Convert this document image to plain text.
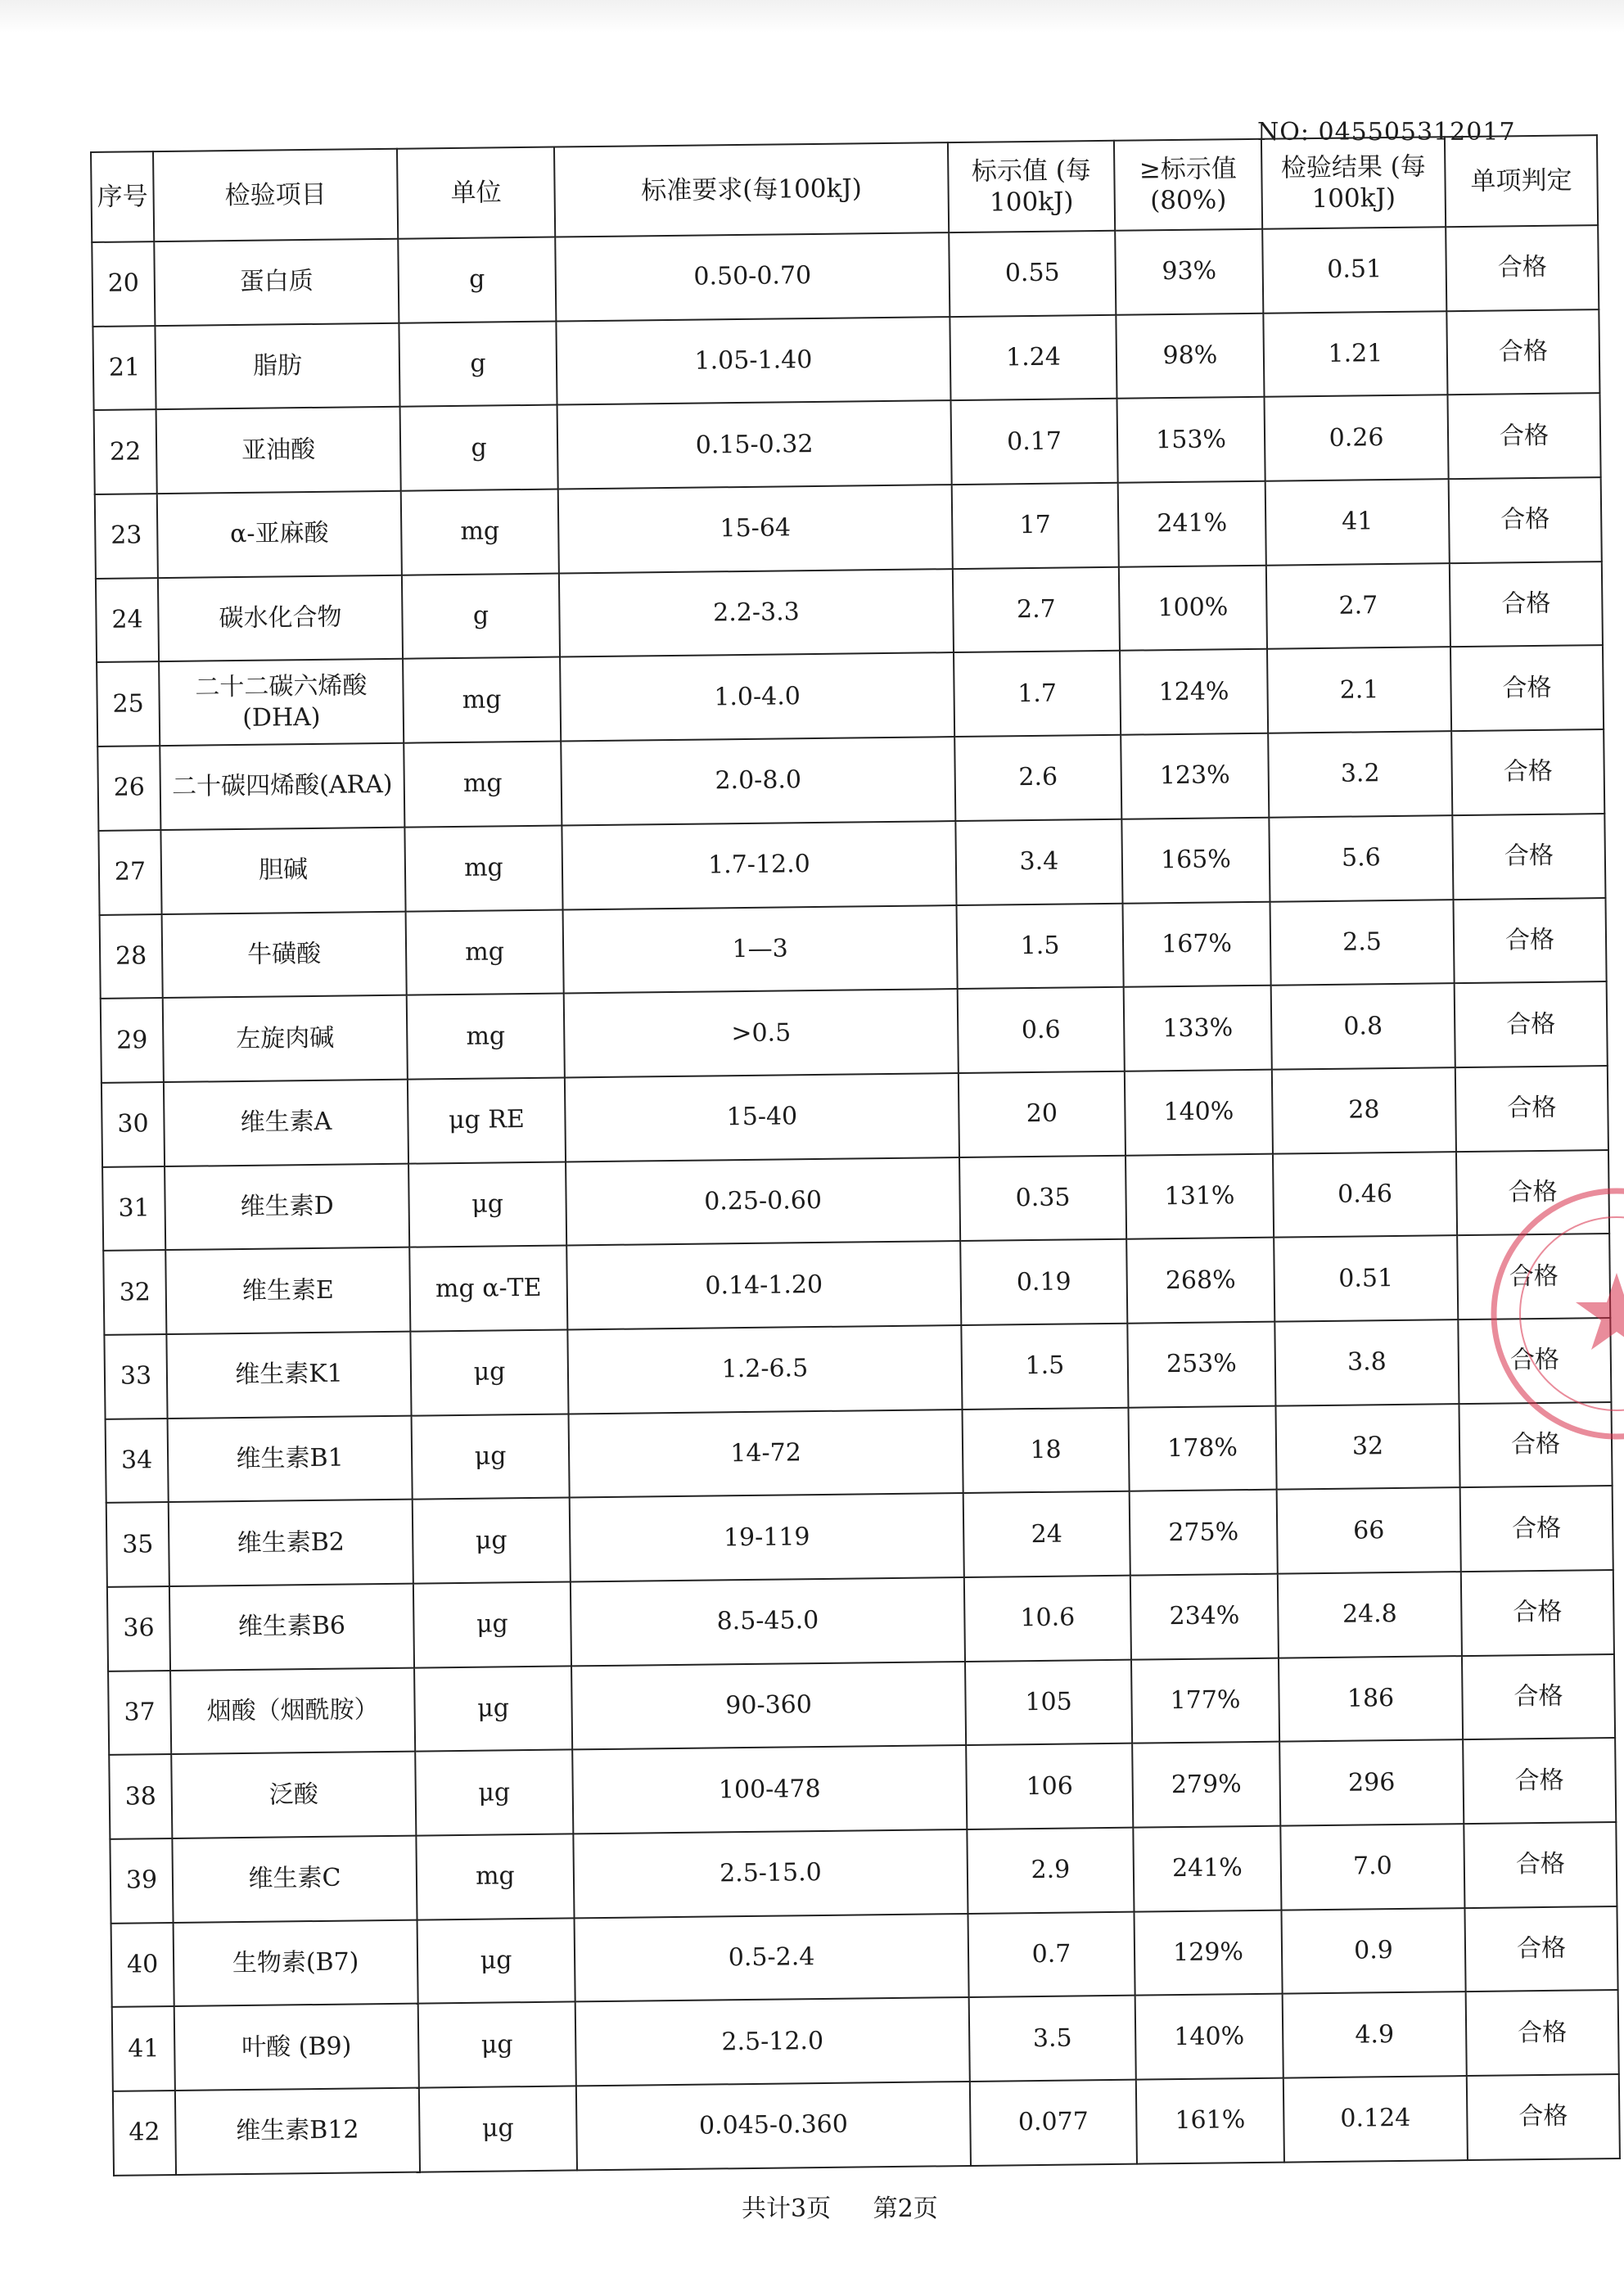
NO: 045505312017
序号	检验项目	单位	标准要求(每100kJ)	标示值 (每100kJ)	≥标示值 (80%)	检验结果 (每100kJ)	单项判定
20	蛋白质	g	0.50-0.70	0.55	93%	0.51	合格
21	脂肪	g	1.05-1.40	1.24	98%	1.21	合格
22	亚油酸	g	0.15-0.32	0.17	153%	0.26	合格
23	α-亚麻酸	mg	15-64	17	241%	41	合格
24	碳水化合物	g	2.2-3.3	2.7	100%	2.7	合格
25	二十二碳六烯酸 (DHA)	mg	1.0-4.0	1.7	124%	2.1	合格
26	二十碳四烯酸(ARA)	mg	2.0-8.0	2.6	123%	3.2	合格
27	胆碱	mg	1.7-12.0	3.4	165%	5.6	合格
28	牛磺酸	mg	1—3	1.5	167%	2.5	合格
29	左旋肉碱	mg	>0.5	0.6	133%	0.8	合格
30	维生素A	μg RE	15-40	20	140%	28	合格
31	维生素D	μg	0.25-0.60	0.35	131%	0.46	合格
32	维生素E	mg α-TE	0.14-1.20	0.19	268%	0.51	合格
33	维生素K1	μg	1.2-6.5	1.5	253%	3.8	合格
34	维生素B1	μg	14-72	18	178%	32	合格
35	维生素B2	μg	19-119	24	275%	66	合格
36	维生素B6	μg	8.5-45.0	10.6	234%	24.8	合格
37	烟酸（烟酰胺）	μg	90-360	105	177%	186	合格
38	泛酸	μg	100-478	106	279%	296	合格
39	维生素C	mg	2.5-15.0	2.9	241%	7.0	合格
40	生物素(B7)	μg	0.5-2.4	0.7	129%	0.9	合格
41	叶酸 (B9)	μg	2.5-12.0	3.5	140%	4.9	合格
42	维生素B12	μg	0.045-0.360	0.077	161%	0.124	合格
共计3页 第2页
